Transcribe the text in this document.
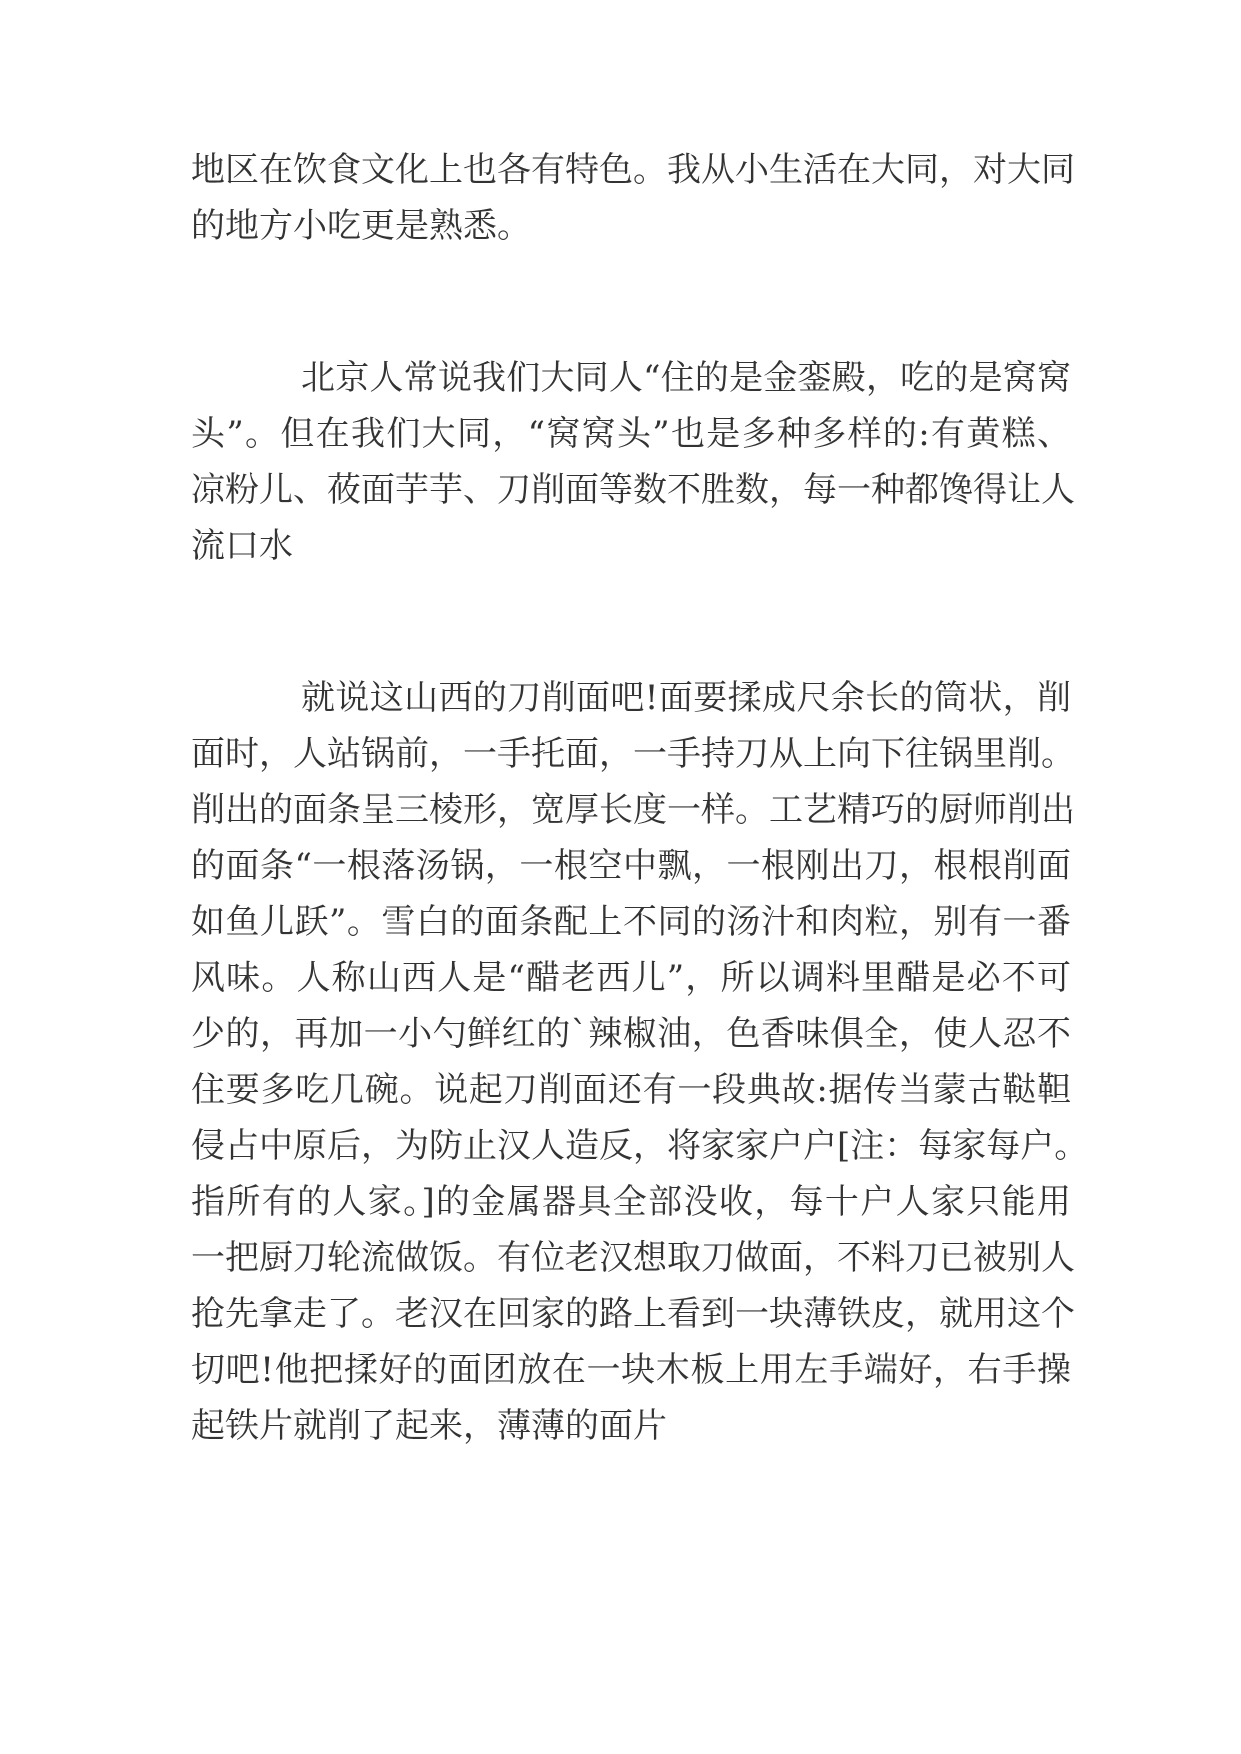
地区在饮食文化上也各有特色。我从小生活在大同，对大同
的地方小吃更是熟悉。
北京人常说我们大同人“住的是金銮殿，吃的是窝窝
头”。但在我们大同，“窝窝头”也是多种多样的:有黄糕、
凉粉儿、莜面芋芋、刀削面等数不胜数，每一种都馋得让人
流口水
就说这山西的刀削面吧!面要揉成尺余长的筒状，削
面时，人站锅前，一手托面，一手持刀从上向下往锅里削。
削出的面条呈三棱形，宽厚长度一样。工艺精巧的厨师削出
的面条“一根落汤锅，一根空中飘，一根刚出刀，根根削面
如鱼儿跃”。雪白的面条配上不同的汤汁和肉粒，别有一番
风味。人称山西人是“醋老西儿”，所以调料里醋是必不可
少的，再加一小勺鲜红的`辣椒油，色香味俱全，使人忍不
住要多吃几碗。说起刀削面还有一段典故:据传当蒙古鞑靼
侵占中原后，为防止汉人造反，将家家户户[注：每家每户。
指所有的人家。]的金属器具全部没收，每十户人家只能用
一把厨刀轮流做饭。有位老汉想取刀做面，不料刀已被别人
抢先拿走了。老汉在回家的路上看到一块薄铁皮，就用这个
切吧!他把揉好的面团放在一块木板上用左手端好，右手操
起铁片就削了起来，薄薄的面片
